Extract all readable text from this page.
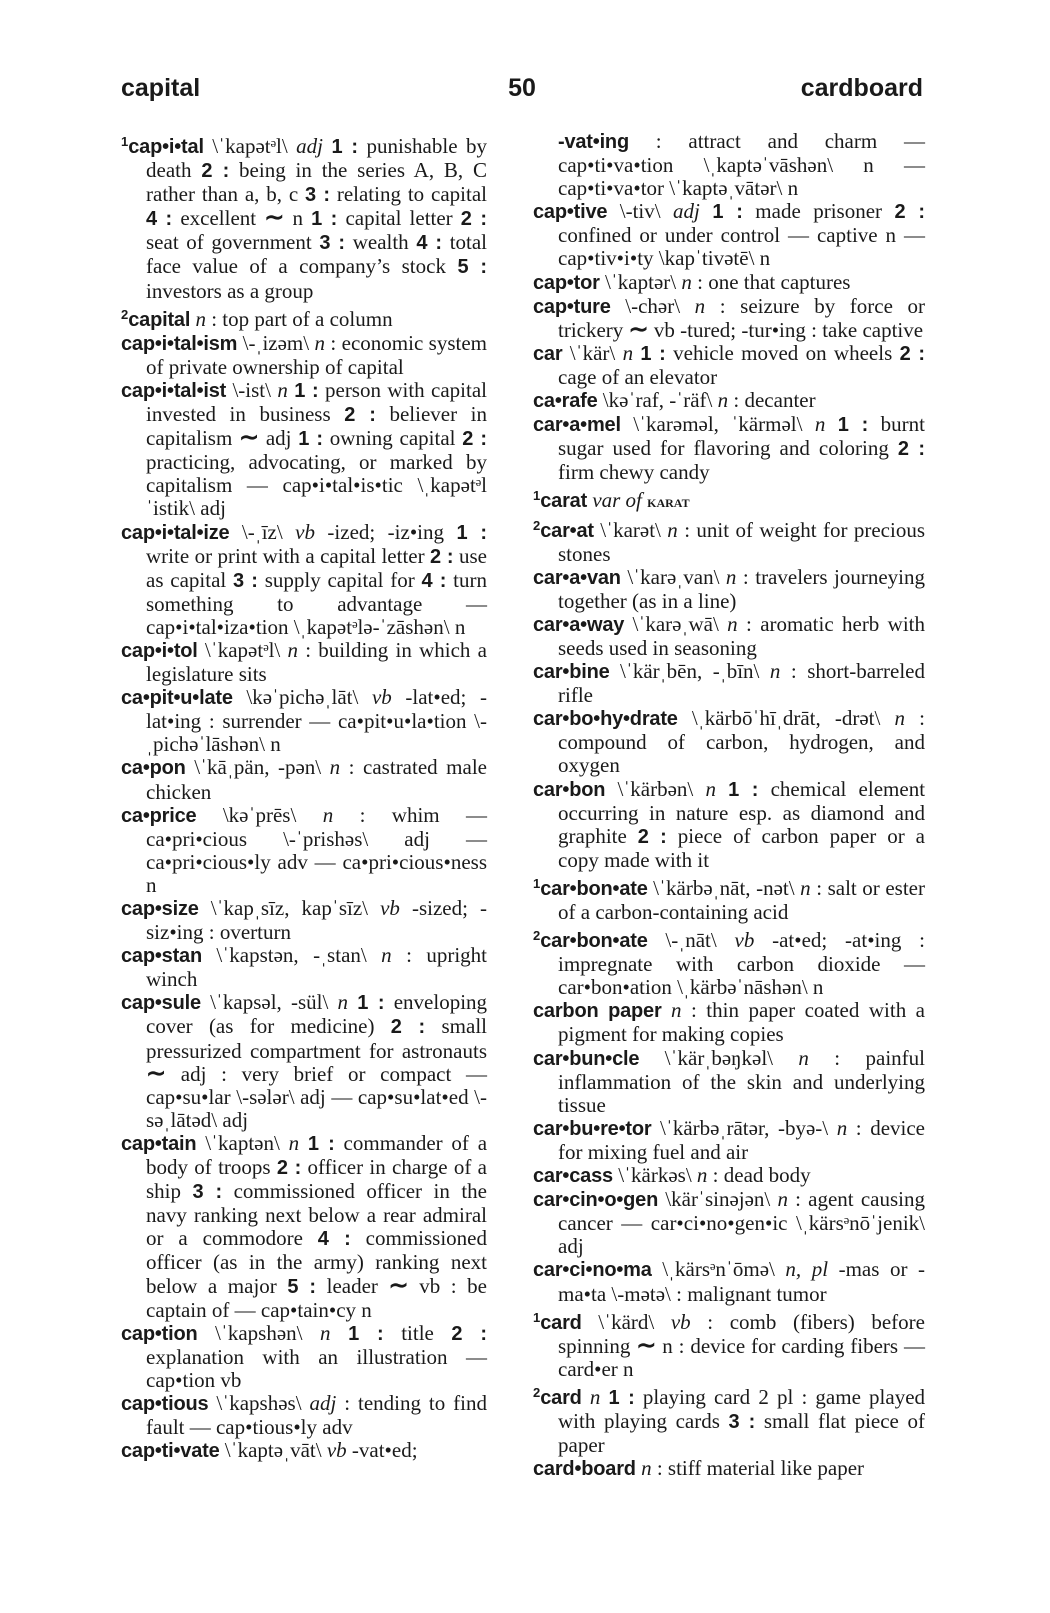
capital	50	cardboard

$^1$cap•i•tal \ˈkapətᵊl\ adj 1 : punishable by death 2 : being in the series A, B, C rather than a, b, c 3 : relating to capital 4 : excellent ∼ n 1 : capital letter 2 : seat of government 3 : wealth 4 : total face value of a company’s stock 5 : investors as a group

$^2$capital n : top part of a column

cap•i•tal•ism \-ˌizəm\ n : economic system of private ownership of capital

cap•i•tal•ist \-ist\ n 1 : person with capital invested in business 2 : believer in capitalism ∼ adj 1 : owning capital 2 : practicing, advocating, or marked by capitalism — cap•i•tal•is•tic \ˌkapətᵊlˈistik\ adj

cap•i•tal•ize \-ˌīz\ vb -ized; -iz•ing 1 : write or print with a capital letter 2 : use as capital 3 : supply capital for 4 : turn something to advantage — cap•i•tal•iza•tion \ˌkapətᵊlə-ˈzāshən\ n

cap•i•tol \ˈkapətᵊl\ n : building in which a legislature sits

ca•pit•u•late \kəˈpichəˌlāt\ vb -lat•ed; -lat•ing : surrender — ca•pit•u•la•tion \-ˌpichəˈlāshən\ n

ca•pon \ˈkāˌpän, -pən\ n : castrated male chicken

ca•price \kəˈprēs\ n : whim — ca•pri•cious \-ˈprishəs\ adj — ca•pri•cious•ly adv — ca•pri•cious•ness n

cap•size \ˈkapˌsīz, kapˈsīz\ vb -sized; -siz•ing : overturn

cap•stan \ˈkapstən, -ˌstan\ n : upright winch

cap•sule \ˈkapsəl, -sül\ n 1 : enveloping cover (as for medicine) 2 : small pressurized compartment for astronauts ∼ adj : very brief or compact — cap•su•lar \-sələr\ adj — cap•su•lat•ed \-səˌlātəd\ adj

cap•tain \ˈkaptən\ n 1 : commander of a body of troops 2 : officer in charge of a ship 3 : commissioned officer in the navy ranking next below a rear admiral or a commodore 4 : commissioned officer (as in the army) ranking next below a major 5 : leader ∼ vb : be captain of — cap•tain•cy n

cap•tion \ˈkapshən\ n 1 : title 2 : explanation with an illustration — cap•tion vb

cap•tious \ˈkapshəs\ adj : tending to find fault — cap•tious•ly adv

cap•ti•vate \ˈkaptəˌvāt\ vb -vat•ed;

-vat•ing : attract and charm — cap•ti•va•tion \ˌkaptəˈvāshən\ n — cap•ti•va•tor \ˈkaptəˌvātər\ n

cap•tive \-tiv\ adj 1 : made prisoner 2 : confined or under control — captive n — cap•tiv•i•ty \kapˈtivətē\ n

cap•tor \ˈkaptər\ n : one that captures

cap•ture \-chər\ n : seizure by force or trickery ∼ vb -tured; -tur•ing : take captive

car \ˈkär\ n 1 : vehicle moved on wheels 2 : cage of an elevator

ca•rafe \kəˈraf, -ˈräf\ n : decanter

car•a•mel \ˈkarəməl, ˈkärməl\ n 1 : burnt sugar used for flavoring and coloring 2 : firm chewy candy

$^1$carat var of karat

$^2$car•at \ˈkarət\ n : unit of weight for precious stones

car•a•van \ˈkarəˌvan\ n : travelers journeying together (as in a line)

car•a•way \ˈkarəˌwā\ n : aromatic herb with seeds used in seasoning

car•bine \ˈkärˌbēn, -ˌbīn\ n : short-barreled rifle

car•bo•hy•drate \ˌkärbōˈhīˌdrāt, -drət\ n : compound of carbon, hydrogen, and oxygen

car•bon \ˈkärbən\ n 1 : chemical element occurring in nature esp. as diamond and graphite 2 : piece of carbon paper or a copy made with it

$^1$car•bon•ate \ˈkärbəˌnāt, -nət\ n : salt or ester of a carbon-containing acid

$^2$car•bon•ate \-ˌnāt\ vb -at•ed; -at•ing : impregnate with carbon dioxide — car•bon•ation \ˌkärbəˈnāshən\ n

carbon paper n : thin paper coated with a pigment for making copies

car•bun•cle \ˈkärˌbəŋkəl\ n : painful inflammation of the skin and underlying tissue

car•bu•re•tor \ˈkärbəˌrātər, -byə-\ n : device for mixing fuel and air

car•cass \ˈkärkəs\ n : dead body

car•cin•o•gen \kärˈsinəjən\ n : agent causing cancer — car•ci•no•gen•ic \ˌkärsᵊnōˈjenik\ adj

car•ci•no•ma \ˌkärsᵊnˈōmə\ n, pl -mas or -ma•ta \-mətə\ : malignant tumor

$^1$card \ˈkärd\ vb : comb (fibers) before spinning ∼ n : device for carding fibers — card•er n

$^2$card n 1 : playing card 2 pl : game played with playing cards 3 : small flat piece of paper

card•board n : stiff material like paper
